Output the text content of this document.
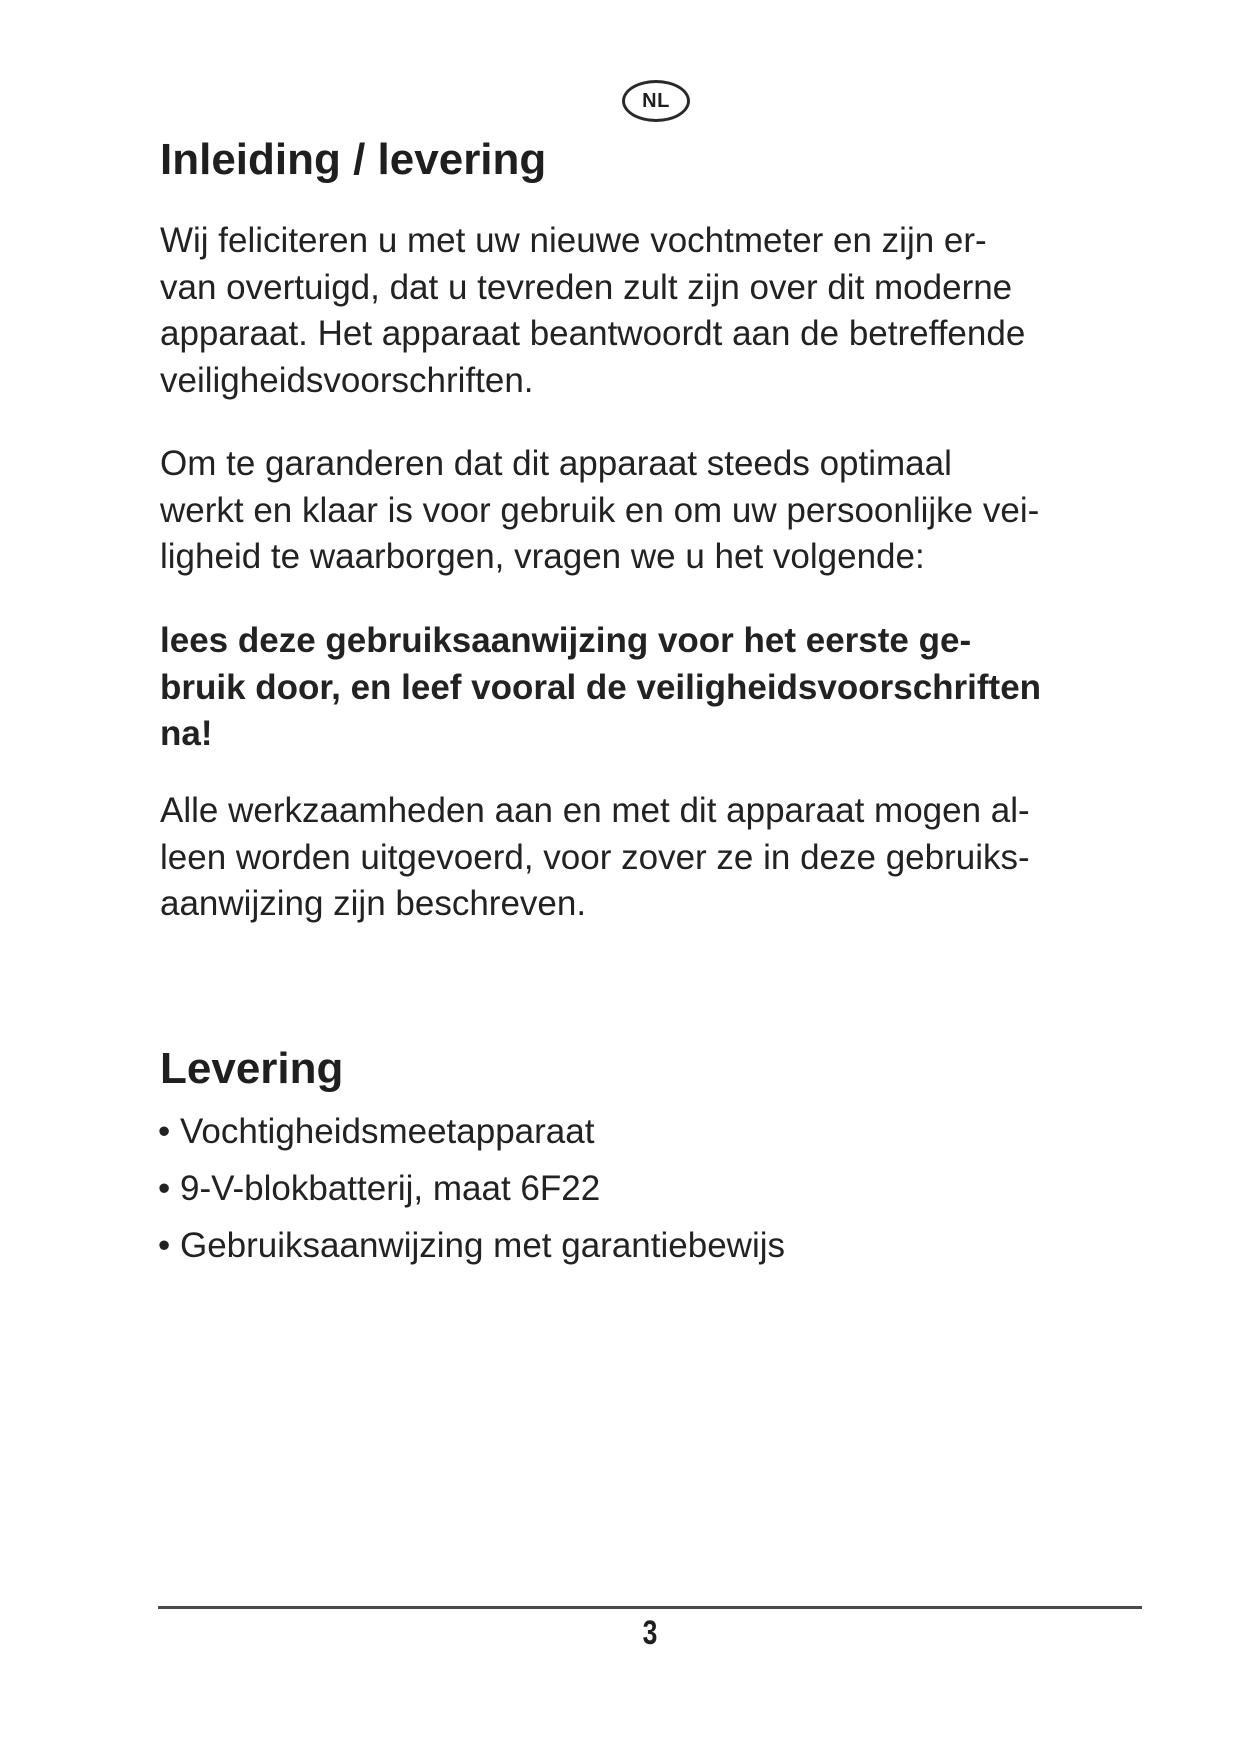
NL
Inleiding / levering

Wij feliciteren u met uw nieuwe vochtmeter en zijn er-
van overtuigd, dat u tevreden zult zijn over dit moderne
apparaat. Het apparaat beantwoordt aan de betreffende
veiligheidsvoorschriften.

Om te garanderen dat dit apparaat steeds optimaal
werkt en klaar is voor gebruik en om uw persoonlijke vei-
ligheid te waarborgen, vragen we u het volgende:

lees deze gebruiksaanwijzing voor het eerste ge-
bruik door, en leef vooral de veiligheidsvoorschriften
na!

Alle werkzaamheden aan en met dit apparaat mogen al-
leen worden uitgevoerd, voor zover ze in deze gebruiks-
aanwijzing zijn beschreven.

Levering
• Vochtigheidsmeetapparaat
• 9-V-blokbatterij, maat 6F22
• Gebruiksaanwijzing met garantiebewijs
3
